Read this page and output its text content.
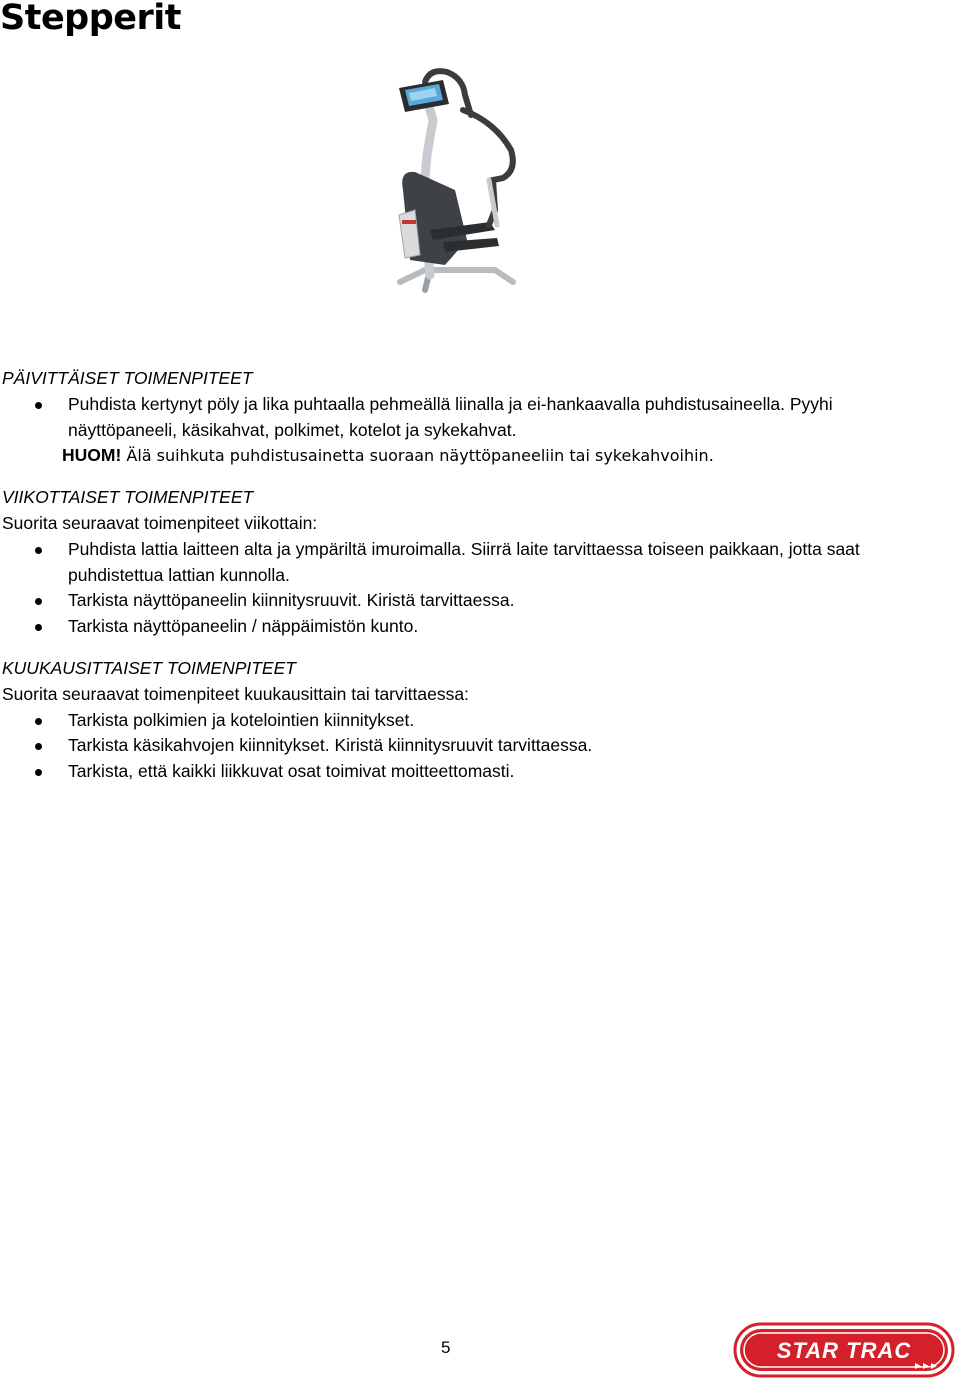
Stepperit
PÄIVITTÄISET TOIMENPITEET
Puhdista kertynyt pöly ja lika puhtaalla pehmeällä liinalla ja ei-hankaavalla puhdistusaineella. Pyyhi näyttöpaneeli, käsikahvat, polkimet, kotelot ja sykekahvat.
HUOM! Älä suihkuta puhdistusainetta suoraan näyttöpaneeliin tai sykekahvoihin.
VIIKOTTAISET TOIMENPITEET

Suorita seuraavat toimenpiteet viikottain:

Puhdista lattia laitteen alta ja ympäriltä imuroimalla. Siirrä laite tarvittaessa toiseen paikkaan, jotta saat puhdistettua lattian kunnolla.
Tarkista näyttöpaneelin kiinnitysruuvit. Kiristä tarvittaessa.
Tarkista näyttöpaneelin / näppäimistön kunto.
KUUKAUSITTAISET TOIMENPITEET

Suorita seuraavat toimenpiteet kuukausittain tai tarvittaessa:

Tarkista polkimien ja kotelointien kiinnitykset.
Tarkista käsikahvojen kiinnitykset. Kiristä kiinnitysruuvit tarvittaessa.
Tarkista, että kaikki liikkuvat osat toimivat moitteettomasti.
5	STAR TRAC
